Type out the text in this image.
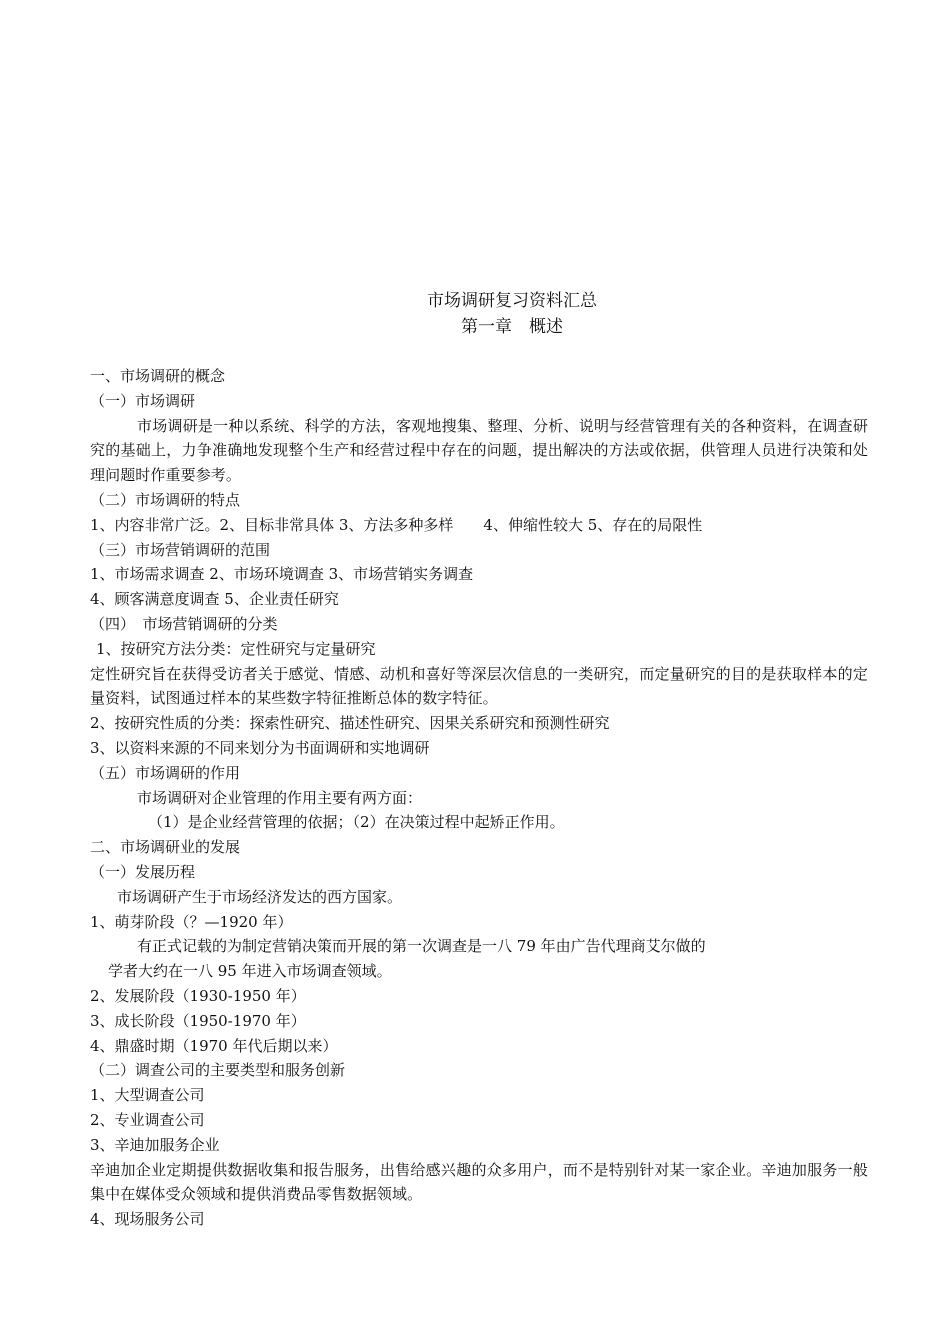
市场调研复习资料汇总
第一章　概述

一、市场调研的概念

（一）市场调研

市场调研是一种以系统、科学的方法，客观地搜集、整理、分析、说明与经营管理有关的各种资料，在调查研究的基础上，力争准确地发现整个生产和经营过程中存在的问题，提出解决的方法或依据，供管理人员进行决策和处理问题时作重要参考。

（二）市场调研的特点

1、内容非常广泛。2、目标非常具体 3、方法多种多样　　4、伸缩性较大 5、存在的局限性

（三）市场营销调研的范围

1、市场需求调查 2、市场环境调查 3、市场营销实务调查

4、顾客满意度调查 5、企业责任研究

（四）　市场营销调研的分类

1、按研究方法分类：定性研究与定量研究

定性研究旨在获得受访者关于感觉、情感、动机和喜好等深层次信息的一类研究，而定量研究的目的是获取样本的定量资料，试图通过样本的某些数字特征推断总体的数字特征。

2、按研究性质的分类：探索性研究、描述性研究、因果关系研究和预测性研究

3、以资料来源的不同来划分为书面调研和实地调研

（五）市场调研的作用

市场调研对企业管理的作用主要有两方面：

（1）是企业经营管理的依据；（2）在决策过程中起矫正作用。

二、市场调研业的发展

（一）发展历程

市场调研产生于市场经济发达的西方国家。

1、萌芽阶段（？—1920 年）

有正式记载的为制定营销决策而开展的第一次调查是一八 79 年由广告代理商艾尔做的

学者大约在一八 95 年进入市场调查领域。

2、发展阶段（1930-1950 年）

3、成长阶段（1950-1970 年）

4、鼎盛时期（1970 年代后期以来）

（二）调查公司的主要类型和服务创新

1、大型调查公司

2、专业调查公司

3、辛迪加服务企业

辛迪加企业定期提供数据收集和报告服务，出售给感兴趣的众多用户，而不是特别针对某一家企业。辛迪加服务一般集中在媒体受众领域和提供消费品零售数据领域。

4、现场服务公司
